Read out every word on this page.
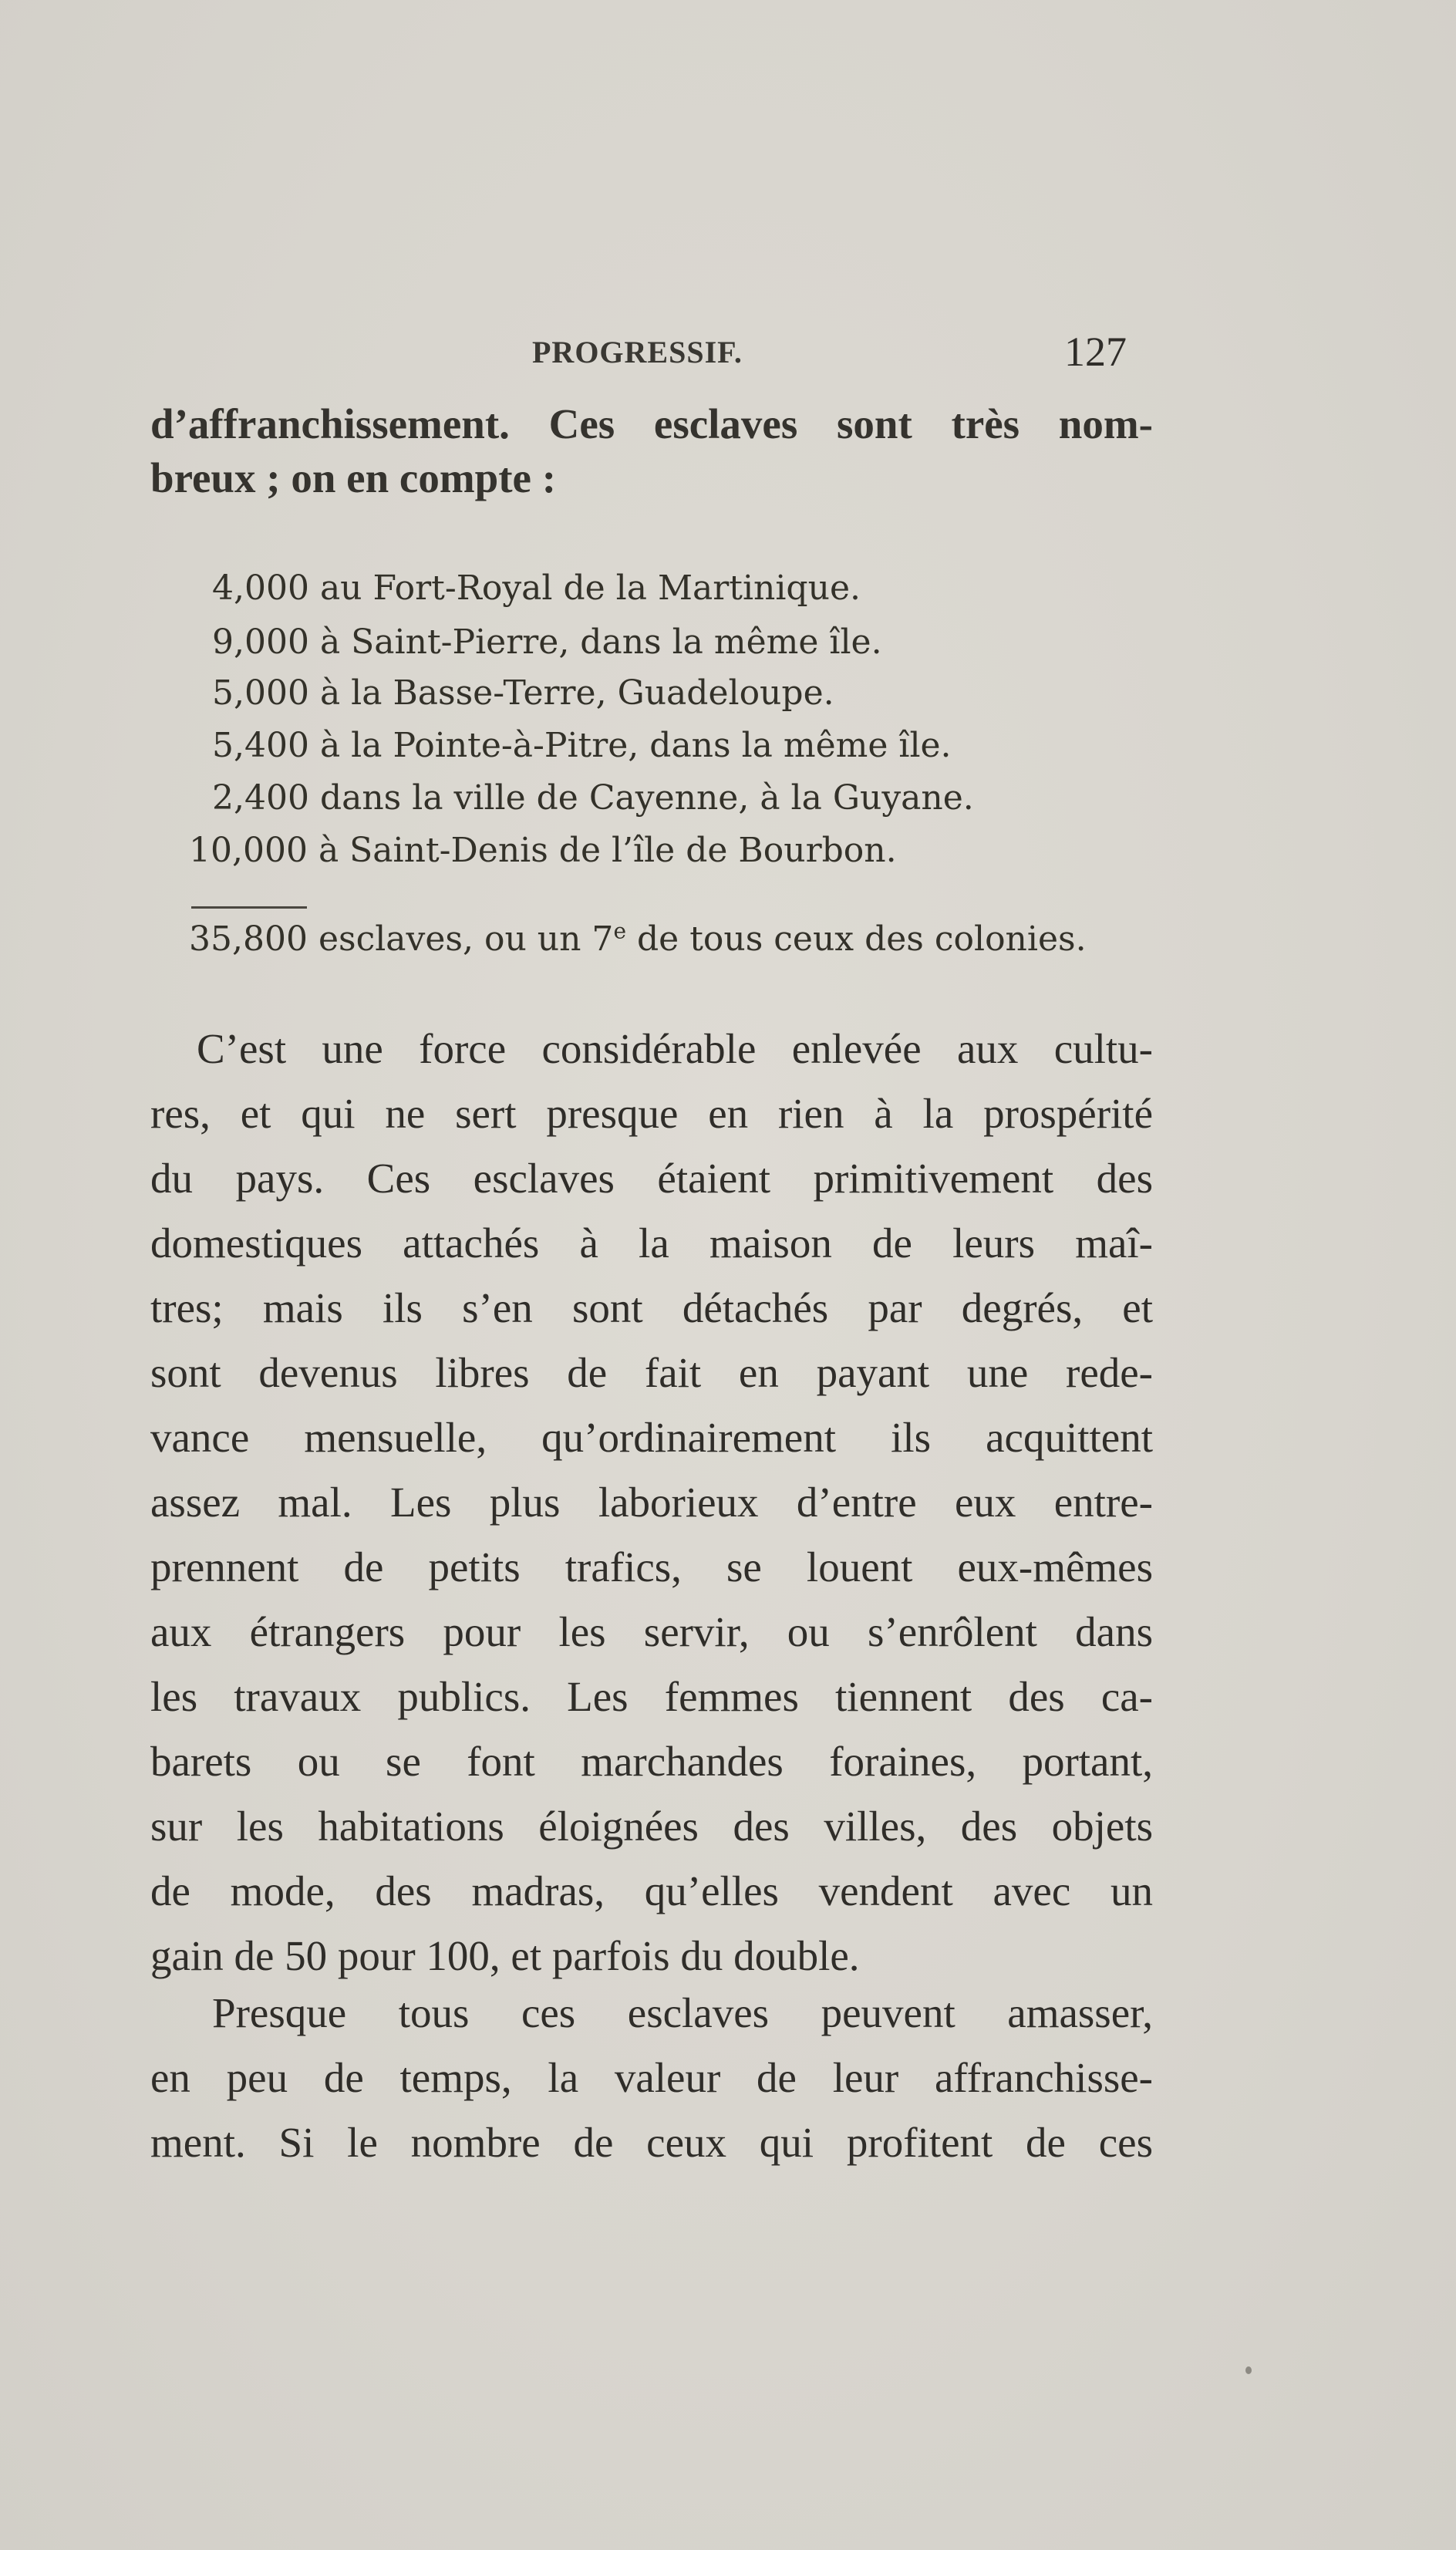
PROGRESSIF.	127
d’affranchissement. Ces esclaves sont très nom-
breux ; on en compte :
4,000 au Fort-Royal de la Martinique.
9,000 à Saint-Pierre, dans la même île.
5,000 à la Basse-Terre, Guadeloupe.
5,400 à la Pointe-à-Pitre, dans la même île.
2,400 dans la ville de Cayenne, à la Guyane.
10,000 à Saint-Denis de l’île de Bourbon.
35,800 esclaves, ou un 7e de tous ceux des colonies.
C’est une force considérable enlevée aux cultu-
res, et qui ne sert presque en rien à la prospérité
du pays. Ces esclaves étaient primitivement des
domestiques attachés à la maison de leurs maî-
tres; mais ils s’en sont détachés par degrés, et
sont devenus libres de fait en payant une rede-
vance mensuelle, qu’ordinairement ils acquittent
assez mal. Les plus laborieux d’entre eux entre-
prennent de petits trafics, se louent eux-mêmes
aux étrangers pour les servir, ou s’enrôlent dans
les travaux publics. Les femmes tiennent des ca-
barets ou se font marchandes foraines, portant,
sur les habitations éloignées des villes, des objets
de mode, des madras, qu’elles vendent avec un
gain de 50 pour 100, et parfois du double.
Presque tous ces esclaves peuvent amasser,
en peu de temps, la valeur de leur affranchisse-
ment. Si le nombre de ceux qui profitent de ces
